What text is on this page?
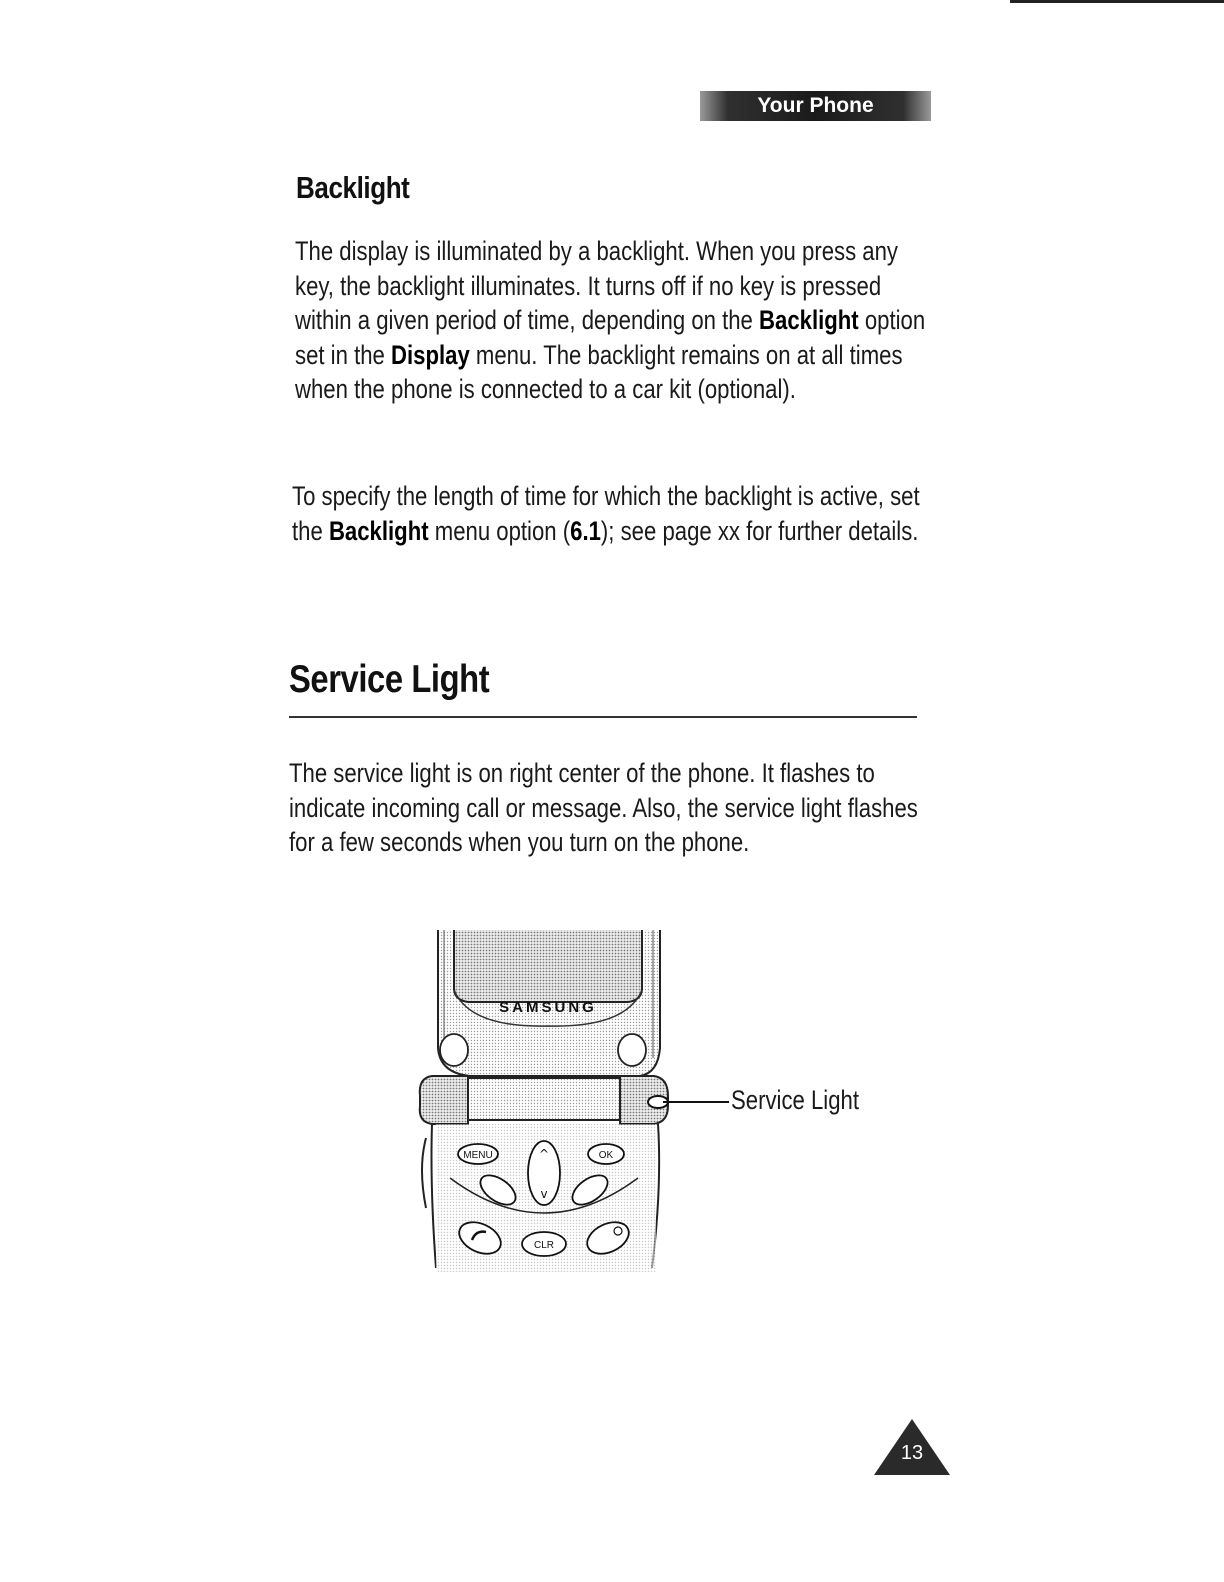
Your Phone
Backlight

The display is illuminated by a backlight. When you press any key, the backlight illuminates. It turns off if no key is pressed within a given period of time, depending on the Backlight option set in the Display menu. The backlight remains on at all times when the phone is connected to a car kit (optional).

To specify the length of time for which the backlight is active, set the Backlight menu option (6.1); see page xx for further details.

Service Light

The service light is on right center of the phone. It flashes to indicate incoming call or message. Also, the service light flashes for a few seconds when you turn on the phone.

SAMSUNG
MENU	OK
^
v
CLR
Service Light
13
